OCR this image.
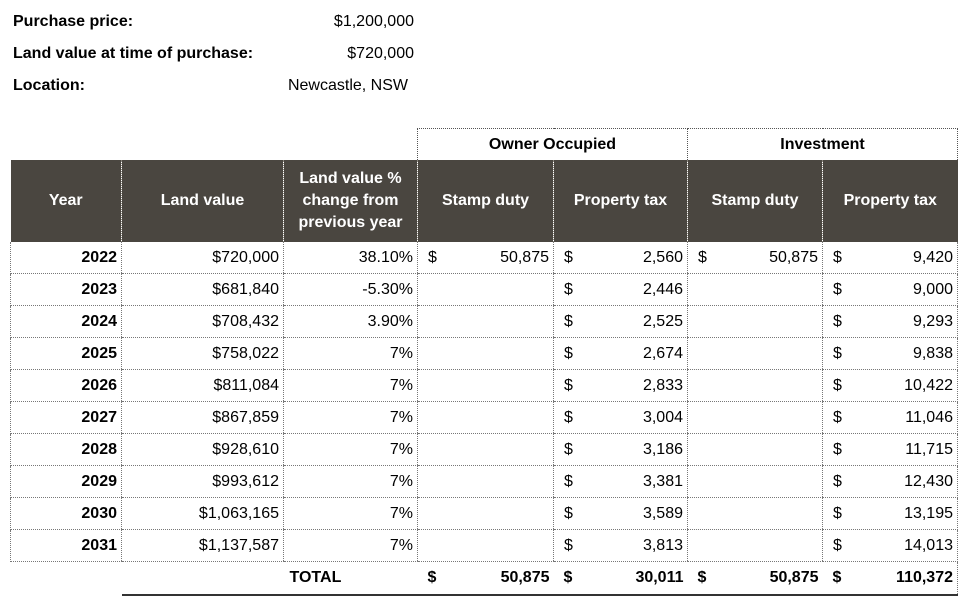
Purchase price:	$1,200,000
Land value at time of purchase:	$720,000
Location:	Newcastle, NSW
			Owner Occupied		Investment	
Year	Land value	Land value % change from previous year	Stamp duty	Property tax	Stamp duty	Property tax
2022	$720,000	38.10%	$ 50,875	$ 2,560	$ 50,875	$ 9,420

2023	$681,840	-5.30%		$ 2,446		$ 9,000

2024	$708,432	3.90%		$ 2,525		$ 9,293

2025	$758,022	7%		$ 2,674		$ 9,838

2026	$811,084	7%		$ 2,833		$ 10,422

2027	$867,859	7%		$ 3,004		$ 11,046

2028	$928,610	7%		$ 3,186		$ 11,715

2029	$993,612	7%		$ 3,381		$ 12,430

2030	$1,063,165	7%		$ 3,589		$ 13,195

2031	$1,137,587	7%		$ 3,813		$ 14,013

		TOTAL	$ 50,875	$ 30,011	$ 50,875	$ 110,372
